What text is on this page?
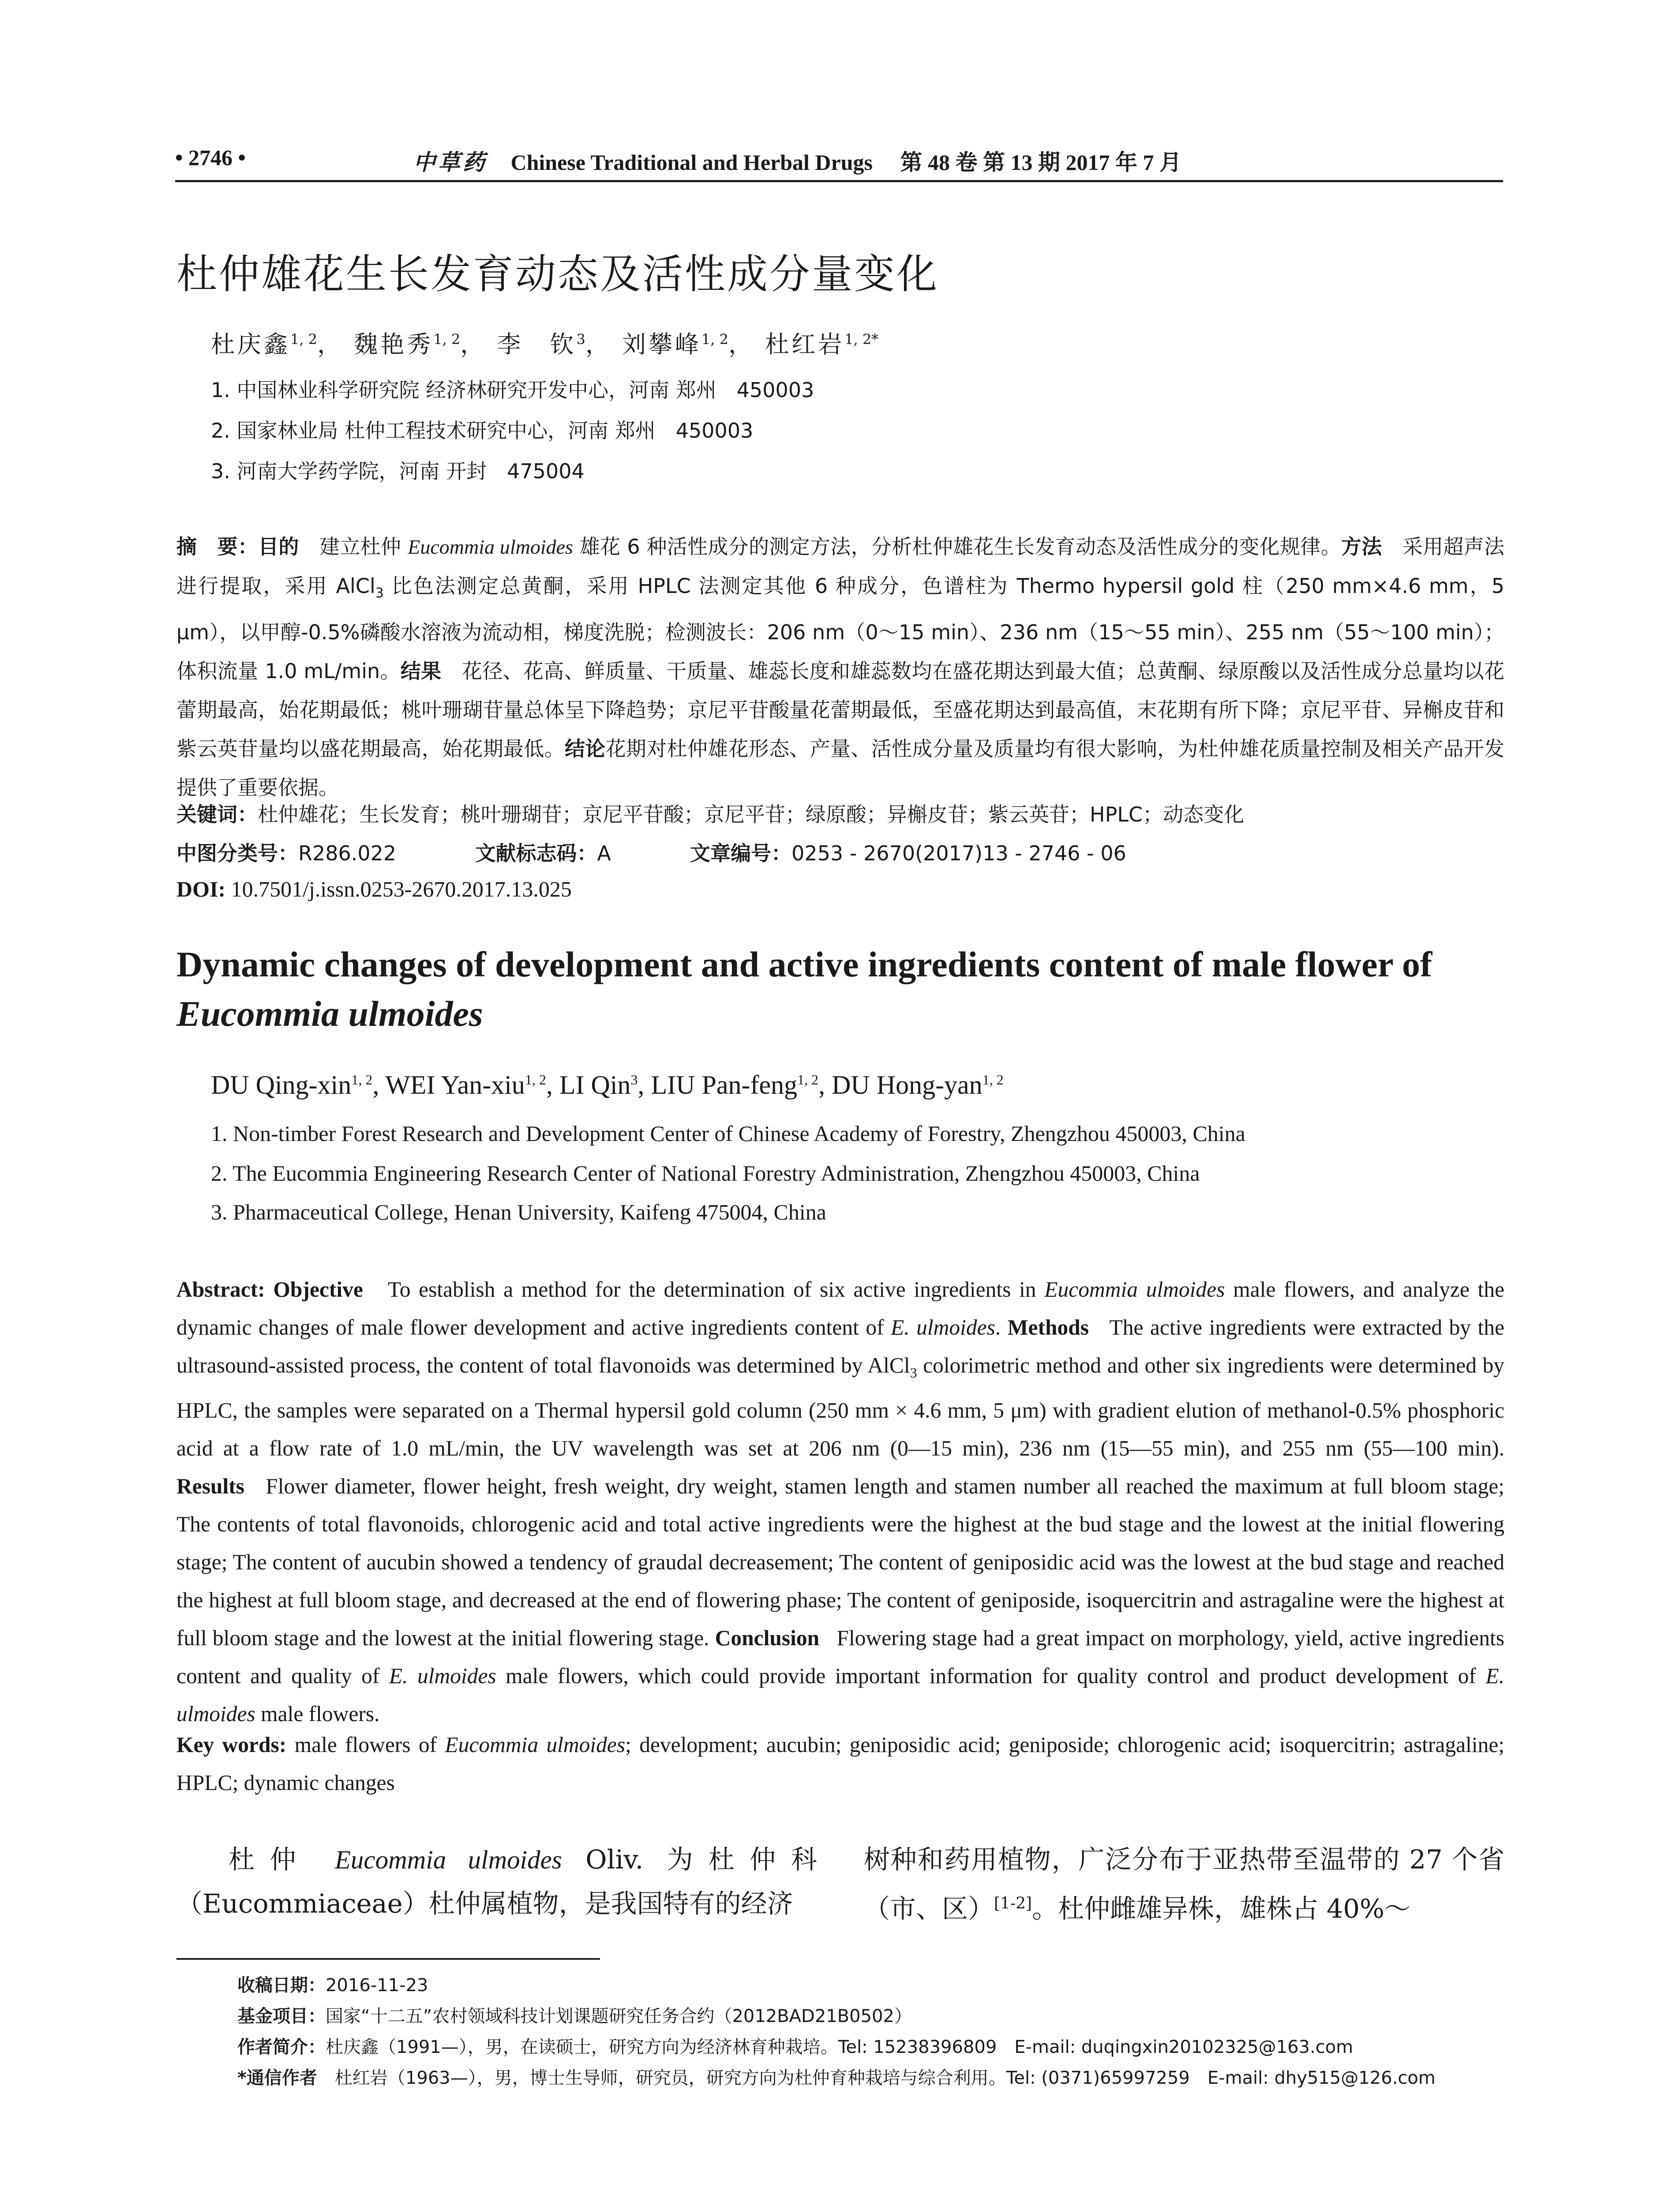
• 2746 •	中草药 Chinese Traditional and Herbal Drugs 第 48 卷 第 13 期 2017 年 7 月
杜仲雄花生长发育动态及活性成分量变化
杜庆鑫$^{1, 2}$， 魏艳秀$^{1, 2}$， 李　钦$^3$， 刘攀峰$^{1, 2}$， 杜红岩$^{1, 2*}$
1. 中国林业科学研究院 经济林研究开发中心，河南 郑州　450003
2. 国家林业局 杜仲工程技术研究中心，河南 郑州　450003
3. 河南大学药学院，河南 开封　475004
摘　要：目的　 建立杜仲 Eucommia ulmoides 雄花 6 种活性成分的测定方法，分析杜仲雄花生长发育动态及活性成分的变化规律。方法　 采用超声法进行提取，采用 AlCl$_3$ 比色法测定总黄酮，采用 HPLC 法测定其他 6 种成分，色谱柱为 Thermo hypersil gold 柱（250 mm×4.6 mm，5 μm），以甲醇-0.5%磷酸水溶液为流动相，梯度洗脱；检测波长：206 nm（0～15 min）、236 nm（15～55 min）、255 nm（55～100 min）；体积流量 1.0 mL/min。结果　 花径、花高、鲜质量、干质量、雄蕊长度和雄蕊数均在盛花期达到最大值；总黄酮、绿原酸以及活性成分总量均以花蕾期最高，始花期最低；桃叶珊瑚苷量总体呈下降趋势；京尼平苷酸量花蕾期最低，至盛花期达到最高值，末花期有所下降；京尼平苷、异槲皮苷和紫云英苷量均以盛花期最高，始花期最低。结论花期对杜仲雄花形态、产量、活性成分量及质量均有很大影响，为杜仲雄花质量控制及相关产品开发提供了重要依据。
关键词：杜仲雄花；生长发育；桃叶珊瑚苷；京尼平苷酸；京尼平苷；绿原酸；异槲皮苷；紫云英苷；HPLC；动态变化
中图分类号：R286.022	文献标志码：A	文章编号：0253 - 2670(2017)13 - 2746 - 06
DOI: 10.7501/j.issn.0253-2670.2017.13.025
Dynamic changes of development and active ingredients content of male flower of
Eucommia ulmoides
DU Qing-xin$^{1, 2}$, WEI Yan-xiu$^{1, 2}$, LI Qin$^3$, LIU Pan-feng$^{1, 2}$, DU Hong-yan$^{1, 2}$
1. Non-timber Forest Research and Development Center of Chinese Academy of Forestry, Zhengzhou 450003, China
2. The Eucommia Engineering Research Center of National Forestry Administration, Zhengzhou 450003, China
3. Pharmaceutical College, Henan University, Kaifeng 475004, China
Abstract: Objective To establish a method for the determination of six active ingredients in Eucommia ulmoides male flowers, and analyze the dynamic changes of male flower development and active ingredients content of E. ulmoides. Methods The active ingredients were extracted by the ultrasound-assisted process, the content of total flavonoids was determined by AlCl$_3$ colorimetric method and other six ingredients were determined by HPLC, the samples were separated on a Thermal hypersil gold column (250 mm × 4.6 mm, 5 μm) with gradient elution of methanol-0.5% phosphoric acid at a flow rate of 1.0 mL/min, the UV wavelength was set at 206 nm (0—15 min), 236 nm (15—55 min), and 255 nm (55—100 min). Results Flower diameter, flower height, fresh weight, dry weight, stamen length and stamen number all reached the maximum at full bloom stage; The contents of total flavonoids, chlorogenic acid and total active ingredients were the highest at the bud stage and the lowest at the initial flowering stage; The content of aucubin showed a tendency of graudal decreasement; The content of geniposidic acid was the lowest at the bud stage and reached the highest at full bloom stage, and decreased at the end of flowering phase; The content of geniposide, isoquercitrin and astragaline were the highest at full bloom stage and the lowest at the initial flowering stage. Conclusion Flowering stage had a great impact on morphology, yield, active ingredients content and quality of E. ulmoides male flowers, which could provide important information for quality control and product development of E. ulmoides male flowers.
Key words: male flowers of Eucommia ulmoides; development; aucubin; geniposidic acid; geniposide; chlorogenic acid; isoquercitrin; astragaline; HPLC; dynamic changes
杜仲 Eucommia ulmoides Oliv. 为杜仲科（Eucommiaceae）杜仲属植物，是我国特有的经济
树种和药用植物，广泛分布于亚热带至温带的 27 个省（市、区）[1-2]。杜仲雌雄异株，雄株占 40%～
收稿日期：2016-11-23
基金项目：国家“十二五”农村领域科技计划课题研究任务合约（2012BAD21B0502）
作者简介：杜庆鑫（1991—），男，在读硕士，研究方向为经济林育种栽培。Tel: 15238396809　E-mail: duqingxin20102325@163.com
*通信作者　杜红岩（1963—），男，博士生导师，研究员，研究方向为杜仲育种栽培与综合利用。Tel: (0371)65997259　E-mail: dhy515@126.com
